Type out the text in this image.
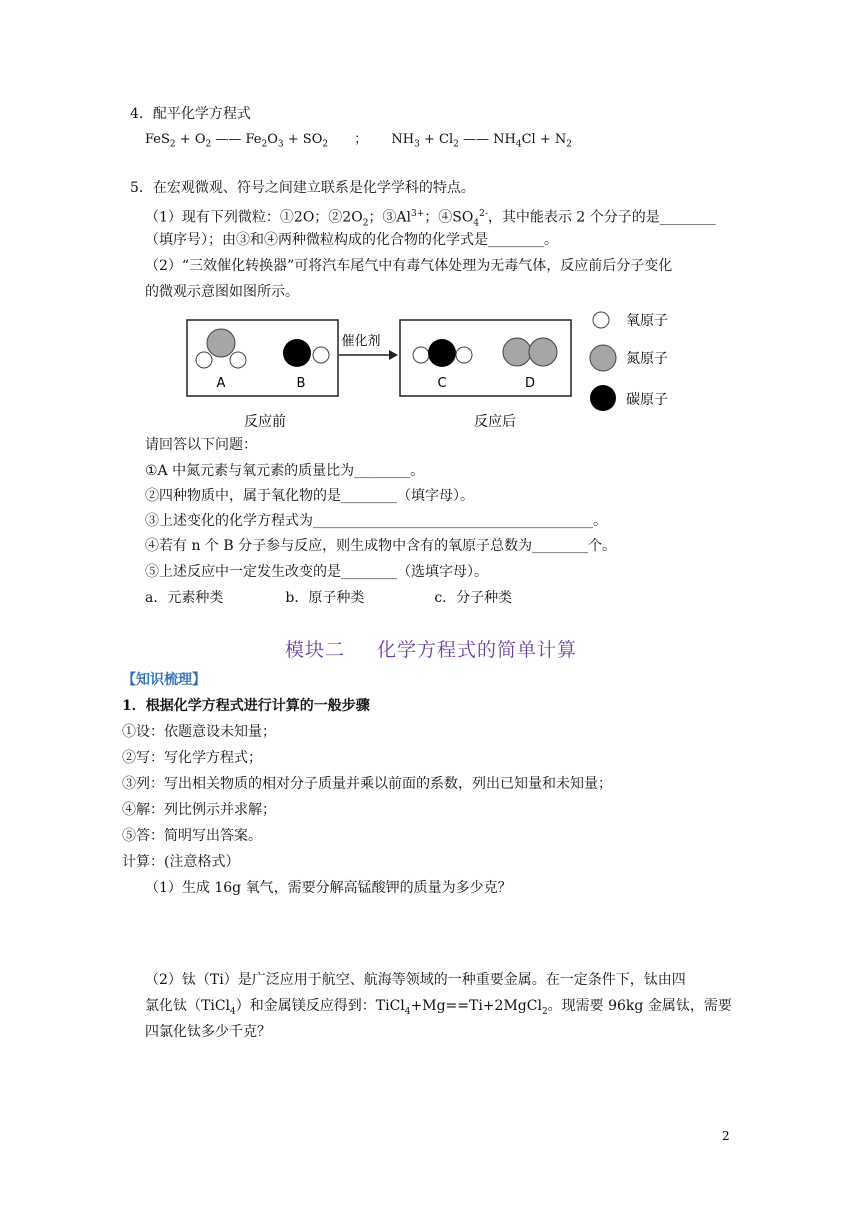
4．配平化学方程式
$FeS_2 + O_2$ —— $Fe_2O_3 + SO_2$ ； $NH_3 + Cl_2$ —— $NH_4Cl + N_2$
5．在宏观微观、符号之间建立联系是化学学科的特点。
（1）现有下列微粒：①2O；$②2O_2$；$③Al^{3+}$；$④SO_4^{2-}$，其中能表示 2 个分子的是________
（填序号）；由③和④两种微粒构成的化合物的化学式是________。
（2）“三效催化转换器”可将汽车尾气中有毒气体处理为无毒气体，反应前后分子变化
的微观示意图如图所示。
A	B
催化剂
C	D
反应前	反应后
氧原子
氮原子
碳原子
请回答以下问题：
①A 中氮元素与氧元素的质量比为________。
②四种物质中，属于氧化物的是________（填字母）。
③上述变化的化学方程式为________________________________________。
④若有 n 个 B 分子参与反应，则生成物中含有的氧原子总数为________个。
⑤上述反应中一定发生改变的是________（选填字母）。
a．元素种类	b．原子种类	c．分子种类
模块二 化学方程式的简单计算
【知识梳理】
1．根据化学方程式进行计算的一般步骤
①设：依题意设未知量；
②写：写化学方程式；
③列：写出相关物质的相对分子质量并乘以前面的系数，列出已知量和未知量；
④解：列比例示并求解；
⑤答：简明写出答案。
计算：(注意格式）
（1）生成 16g 氧气，需要分解高锰酸钾的质量为多少克？
（2）钛（Ti）是广泛应用于航空、航海等领域的一种重要金属。在一定条件下，钛由四
氯化钛（TiCl$_4$）和金属镁反应得到：TiCl$_4$+Mg==Ti+2MgCl$_2$。现需要 96kg 金属钛，需要
四氯化钛多少千克？
2
